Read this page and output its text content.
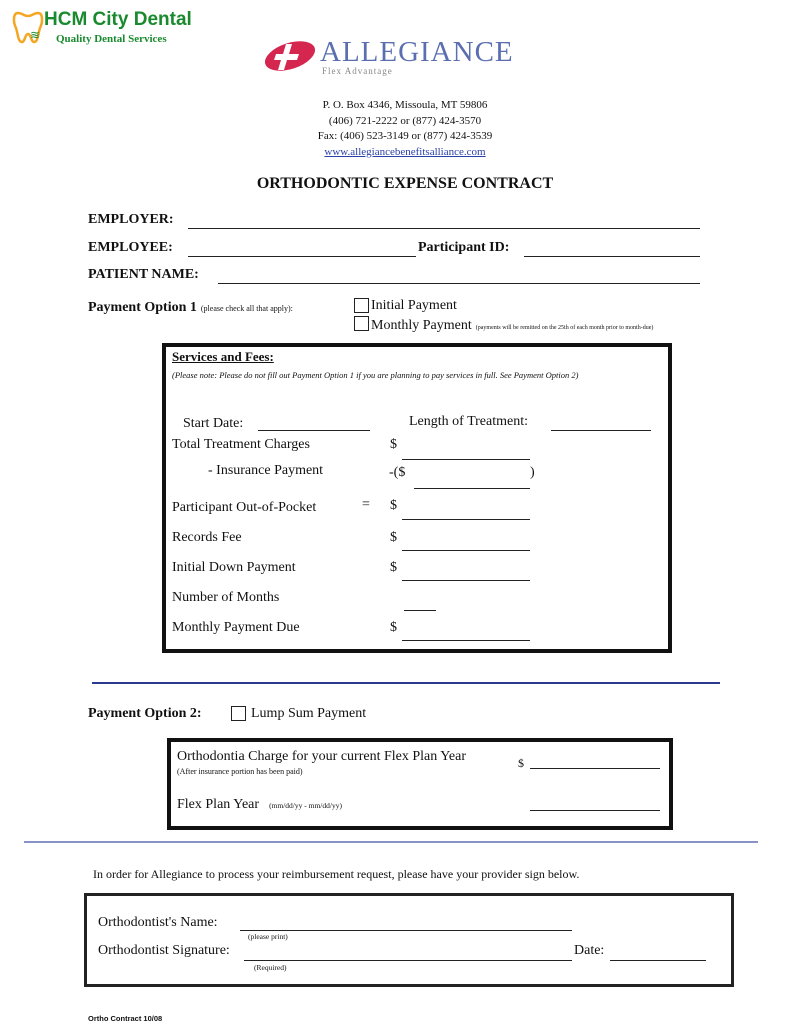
≋
HCM City Dental
Quality Dental Services	ALLEGIANCE
Flex Advantage
P. O. Box 4346, Missoula, MT 59806
(406) 721-2222 or (877) 424-3570
Fax: (406) 523-3149 or (877) 424-3539
www.allegiancebenefitsalliance.com
ORTHODONTIC EXPENSE CONTRACT
EMPLOYER:
EMPLOYEE:	Participant ID:
PATIENT NAME:
Payment Option 1 (please check all that apply):	Initial Payment
Monthly Payment (payments will be remitted on the 25th of each month prior to month-due)
Services and Fees:
(Please note: Please do not fill out Payment Option 1 if you are planning to pay services in full. See Payment Option 2)
Start Date:	Length of Treatment:
Total Treatment Charges	$
- Insurance Payment	-($	)
Participant Out-of-Pocket	= $
Records Fee	$
Initial Down Payment	$
Number of Months
Monthly Payment Due	$
Payment Option 2:	Lump Sum Payment
Orthodontia Charge for your current Flex Plan Year
(After insurance portion has been paid)
$
Flex Plan Year (mm/dd/yy - mm/dd/yy)
In order for Allegiance to process your reimbursement request, please have your provider sign below.
Orthodontist's Name:
(please print)
Orthodontist Signature:
(Required)
Date:
Ortho Contract 10/08
